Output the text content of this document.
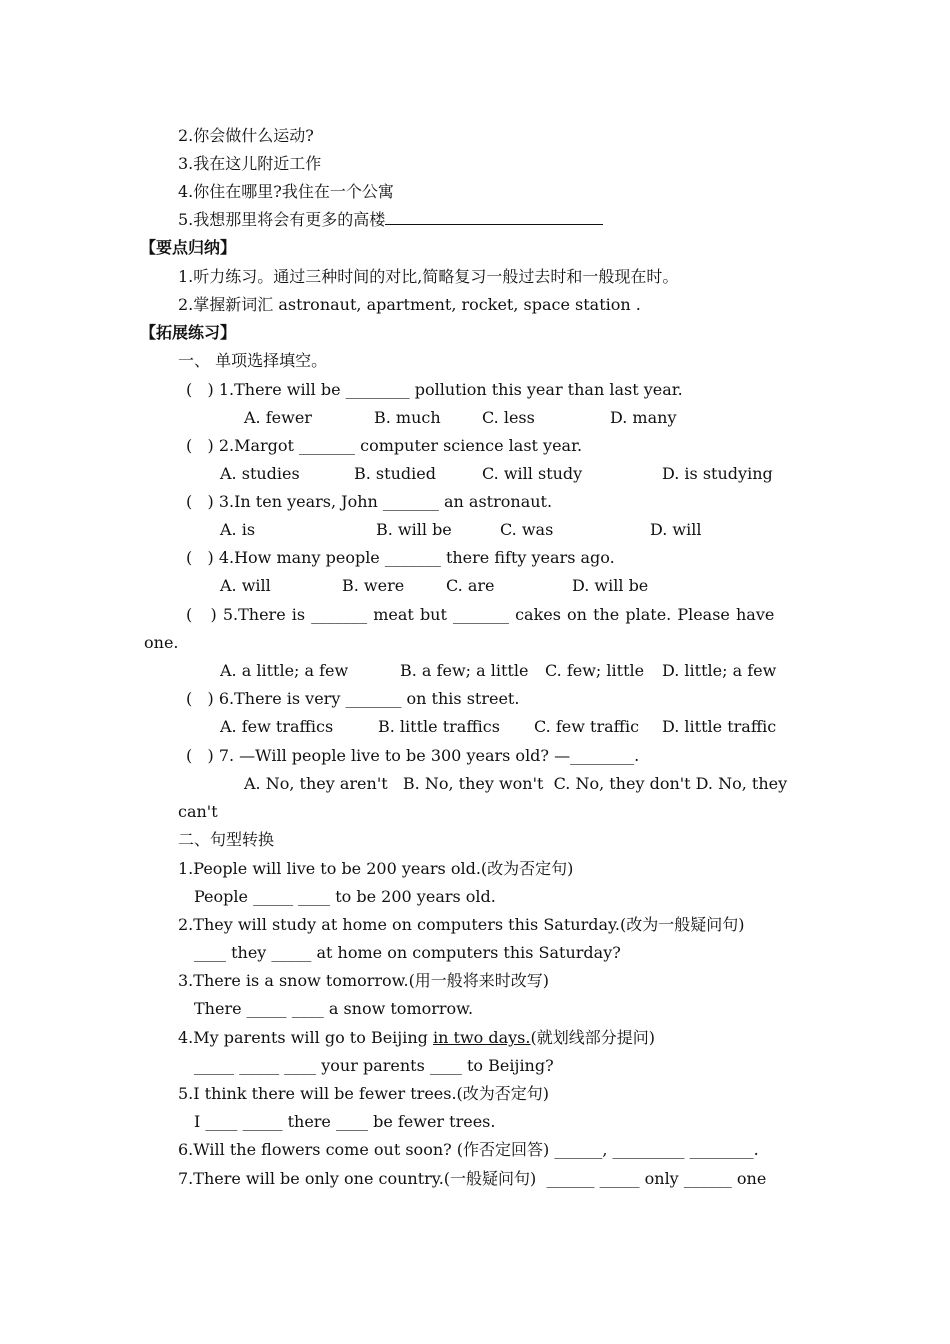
2.你会做什么运动?
3.我在这儿附近工作
4.你住在哪里?我住在一个公寓
5.我想那里将会有更多的高楼
【要点归纳】
1.听力练习。通过三种时间的对比,简略复习一般过去时和一般现在时。
2.掌握新词汇 astronaut, apartment, rocket, space station .
【拓展练习】
一、 单项选择填空。
(   ) 1.There will be ________ pollution this year than last year.
A. fewer	B. much	C. less	D. many
(   ) 2.Margot _______ computer science last year.
A. studies	B. studied	C. will study	D. is studying
(   ) 3.In ten years, John _______ an astronaut.
A. is	B. will be	C. was	D. will
(   ) 4.How many people _______ there fifty years ago.
A. will	B. were	C. are	D. will be
(   ) 5.There is _______ meat but _______ cakes on the plate. Please have
one.
A. a little; a few	B. a few; a little C. few; little D. little; a few
(   ) 6.There is very _______ on this street.
A. few traffics	B. little traffics C. few traffic D. little traffic
(   ) 7. —Will people live to be 300 years old? —________.
A. No, they aren't   B. No, they won't  C. No, they don't D. No, they
can't
二、句型转换
1.People will live to be 200 years old.(改为否定句)
People _____ ____ to be 200 years old.
2.They will study at home on computers this Saturday.(改为一般疑问句)
____ they _____ at home on computers this Saturday?
3.There is a snow tomorrow.(用一般将来时改写)
There _____ ____ a snow tomorrow.
4.My parents will go to Beijing in two days.(就划线部分提问)
_____ _____ ____ your parents ____ to Beijing?
5.I think there will be fewer trees.(改为否定句)
I ____ _____ there ____ be fewer trees.
6.Will the flowers come out soon? (作否定回答) ______, _________ ________.
7.There will be only one country.(一般疑问句)  ______ _____ only ______ one
